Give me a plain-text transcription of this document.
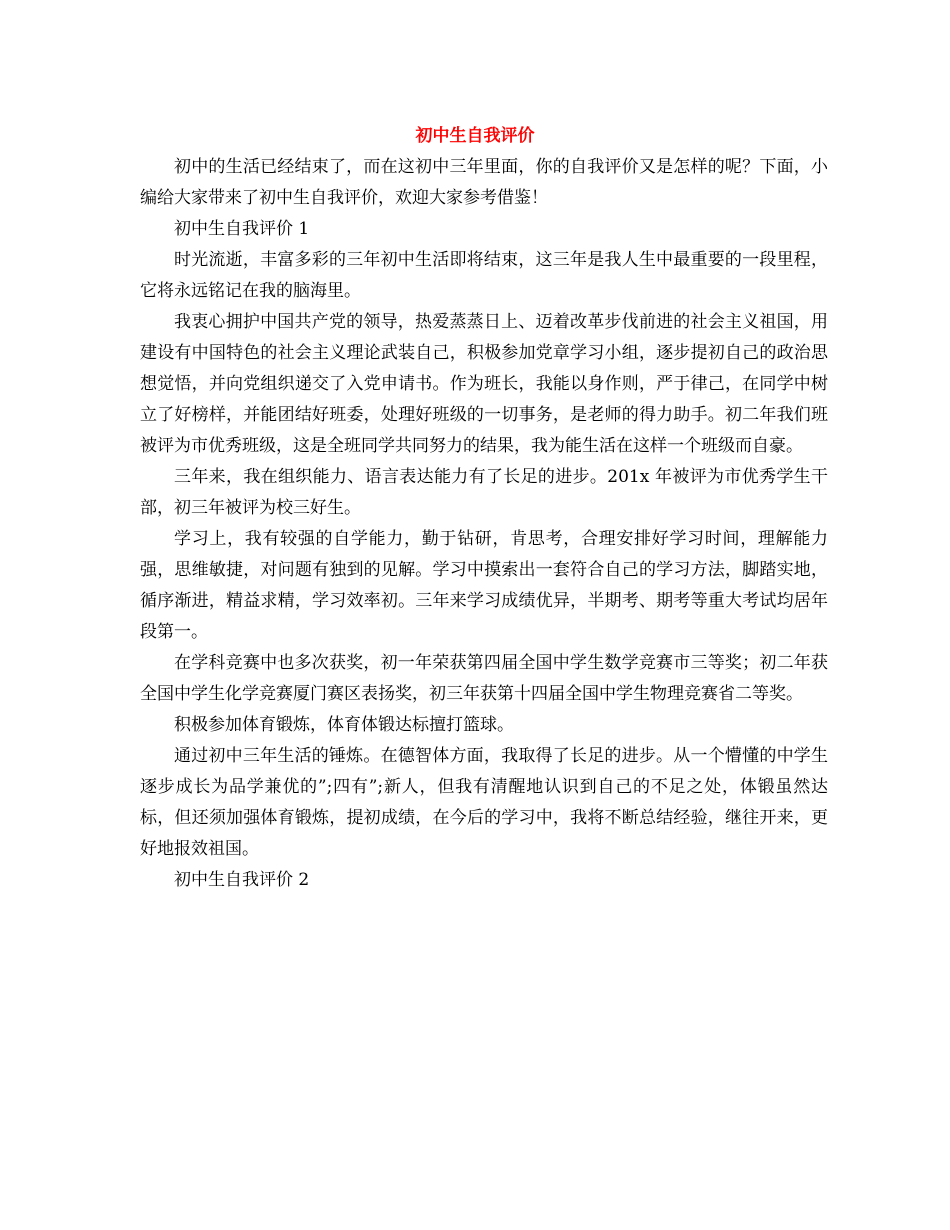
初中生自我评价

初中的生活已经结束了，而在这初中三年里面，你的自我评价又是怎样的呢？下面，小编给大家带来了初中生自我评价，欢迎大家参考借鉴！

初中生自我评价 1

时光流逝，丰富多彩的三年初中生活即将结束，这三年是我人生中最重要的一段里程，它将永远铭记在我的脑海里。

我衷心拥护中国共产党的领导，热爱蒸蒸日上、迈着改革步伐前进的社会主义祖国，用建设有中国特色的社会主义理论武装自己，积极参加党章学习小组，逐步提初自己的政治思想觉悟，并向党组织递交了入党申请书。作为班长，我能以身作则，严于律己，在同学中树立了好榜样，并能团结好班委，处理好班级的一切事务，是老师的得力助手。初二年我们班被评为市优秀班级，这是全班同学共同努力的结果，我为能生活在这样一个班级而自豪。

三年来，我在组织能力、语言表达能力有了长足的进步。201x 年被评为市优秀学生干部，初三年被评为校三好生。

学习上，我有较强的自学能力，勤于钻研，肯思考，合理安排好学习时间，理解能力强，思维敏捷，对问题有独到的见解。学习中摸索出一套符合自己的学习方法，脚踏实地，循序渐进，精益求精，学习效率初。三年来学习成绩优异，半期考、期考等重大考试均居年段第一。

在学科竞赛中也多次获奖，初一年荣获第四届全国中学生数学竞赛市三等奖；初二年获全国中学生化学竞赛厦门赛区表扬奖，初三年获第十四届全国中学生物理竞赛省二等奖。

积极参加体育锻炼，体育体锻达标擅打篮球。

通过初中三年生活的锤炼。在德智体方面，我取得了长足的进步。从一个懵懂的中学生逐步成长为品学兼优的”;四有”;新人，但我有清醒地认识到自己的不足之处，体锻虽然达标，但还须加强体育锻炼，提初成绩，在今后的学习中，我将不断总结经验，继往开来，更好地报效祖国。

初中生自我评价 2
